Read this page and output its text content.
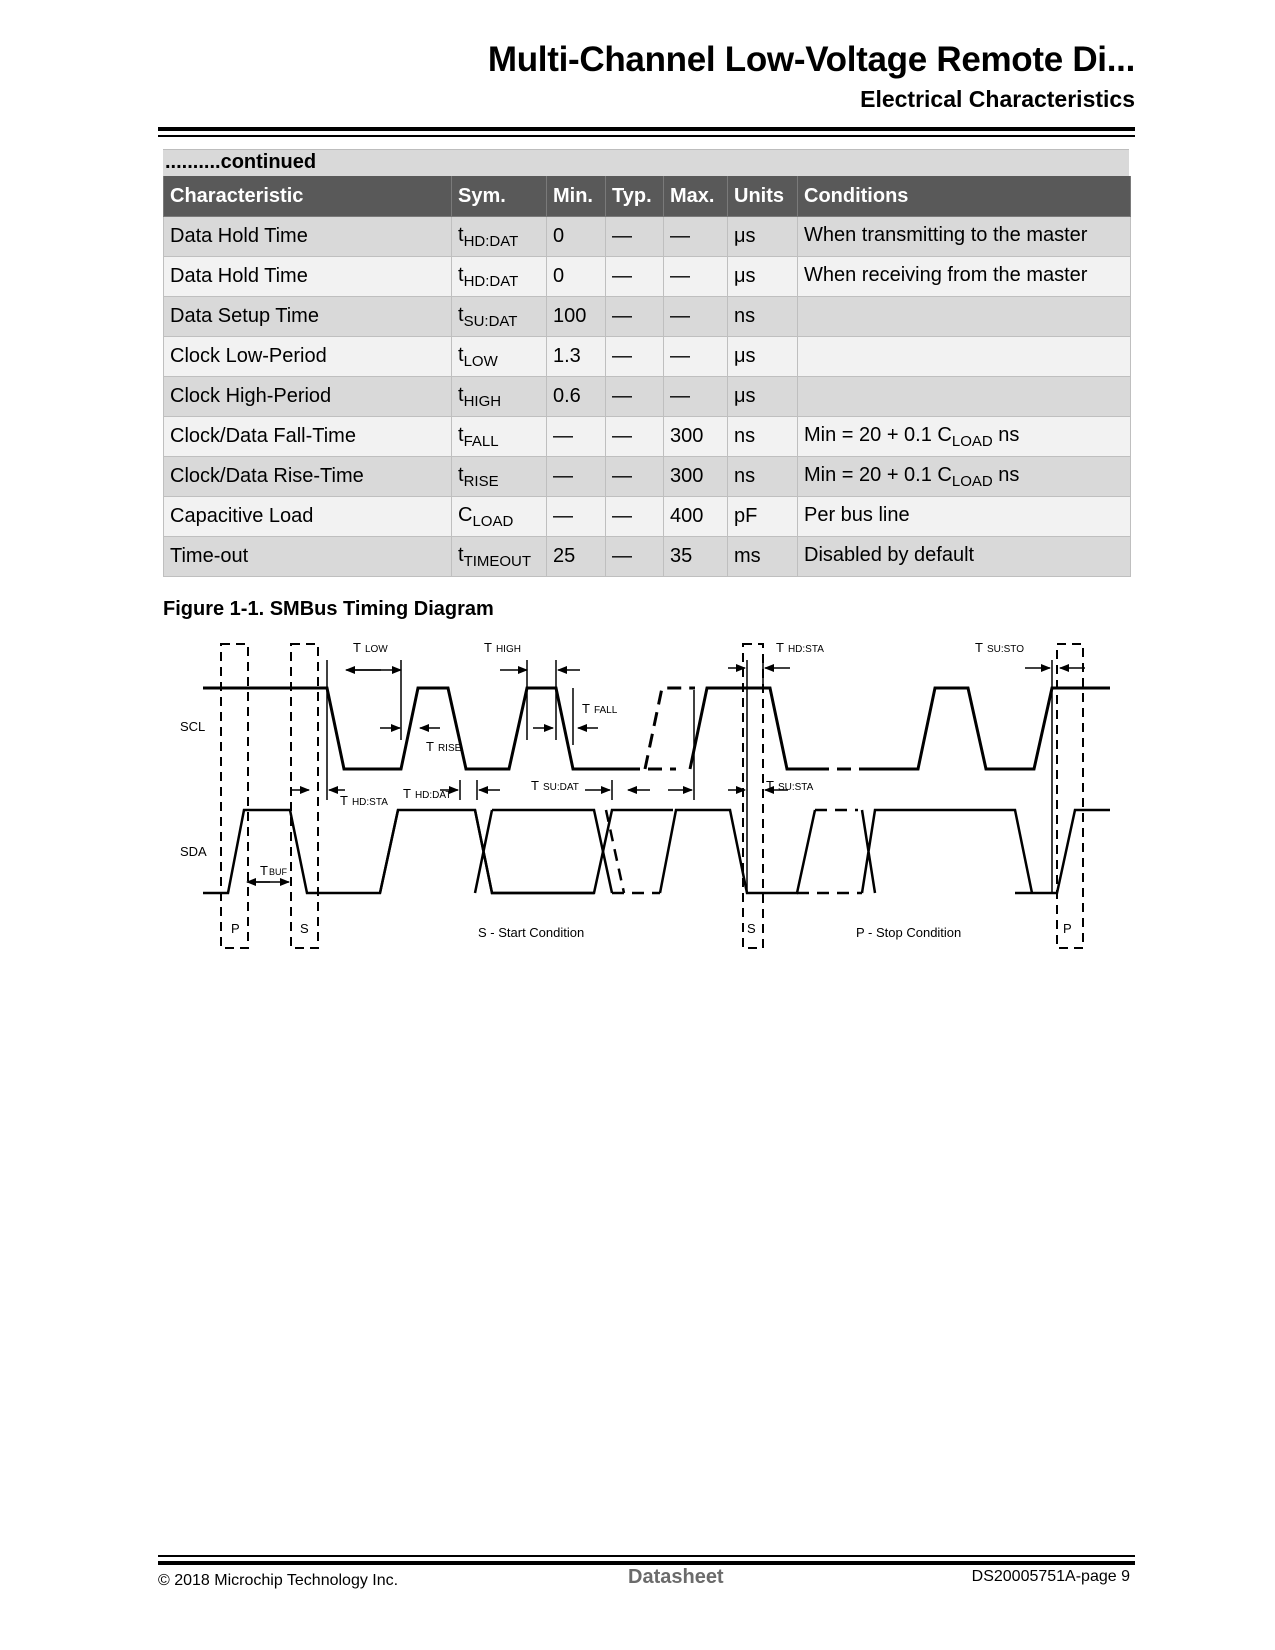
Multi-Channel Low-Voltage Remote Di...
Electrical Characteristics
..........continued
Characteristic	Sym.	Min.	Typ.	Max.	Units	Conditions
Data Hold Time	$t_{HD:DAT}$	0	—	—	μs	When transmitting to the master
Data Hold Time	$t_{HD:DAT}$	0	—	—	μs	When receiving from the master
Data Setup Time	$t_{SU:DAT}$	100	—	—	ns	
Clock Low-Period	$t_{LOW}$	1.3	—	—	μs	
Clock High-Period	$t_{HIGH}$	0.6	—	—	μs	
Clock/Data Fall-Time	$t_{FALL}$	—	—	300	ns	Min = 20 + 0.1 $C_{LOAD}$ ns
Clock/Data Rise-Time	$t_{RISE}$	—	—	300	ns	Min = 20 + 0.1 $C_{LOAD}$ ns
Capacitive Load	$C_{LOAD}$	—	—	400	pF	Per bus line
Time-out	$t_{TIMEOUT}$	25	—	35	ms	Disabled by default
Figure 1-1. SMBus Timing Diagram
SCL
SDA
T LOW	T HIGH	T HD:STA	T SU:STO
T FALL
T RISE
T HD:STA
T HD:DAT
T SU:DAT	T SU:STA
TBUF
P	S	S - Start Condition	S	P - Stop Condition	P
© 2018 Microchip Technology Inc.	Datasheet	DS20005751A-page 9
